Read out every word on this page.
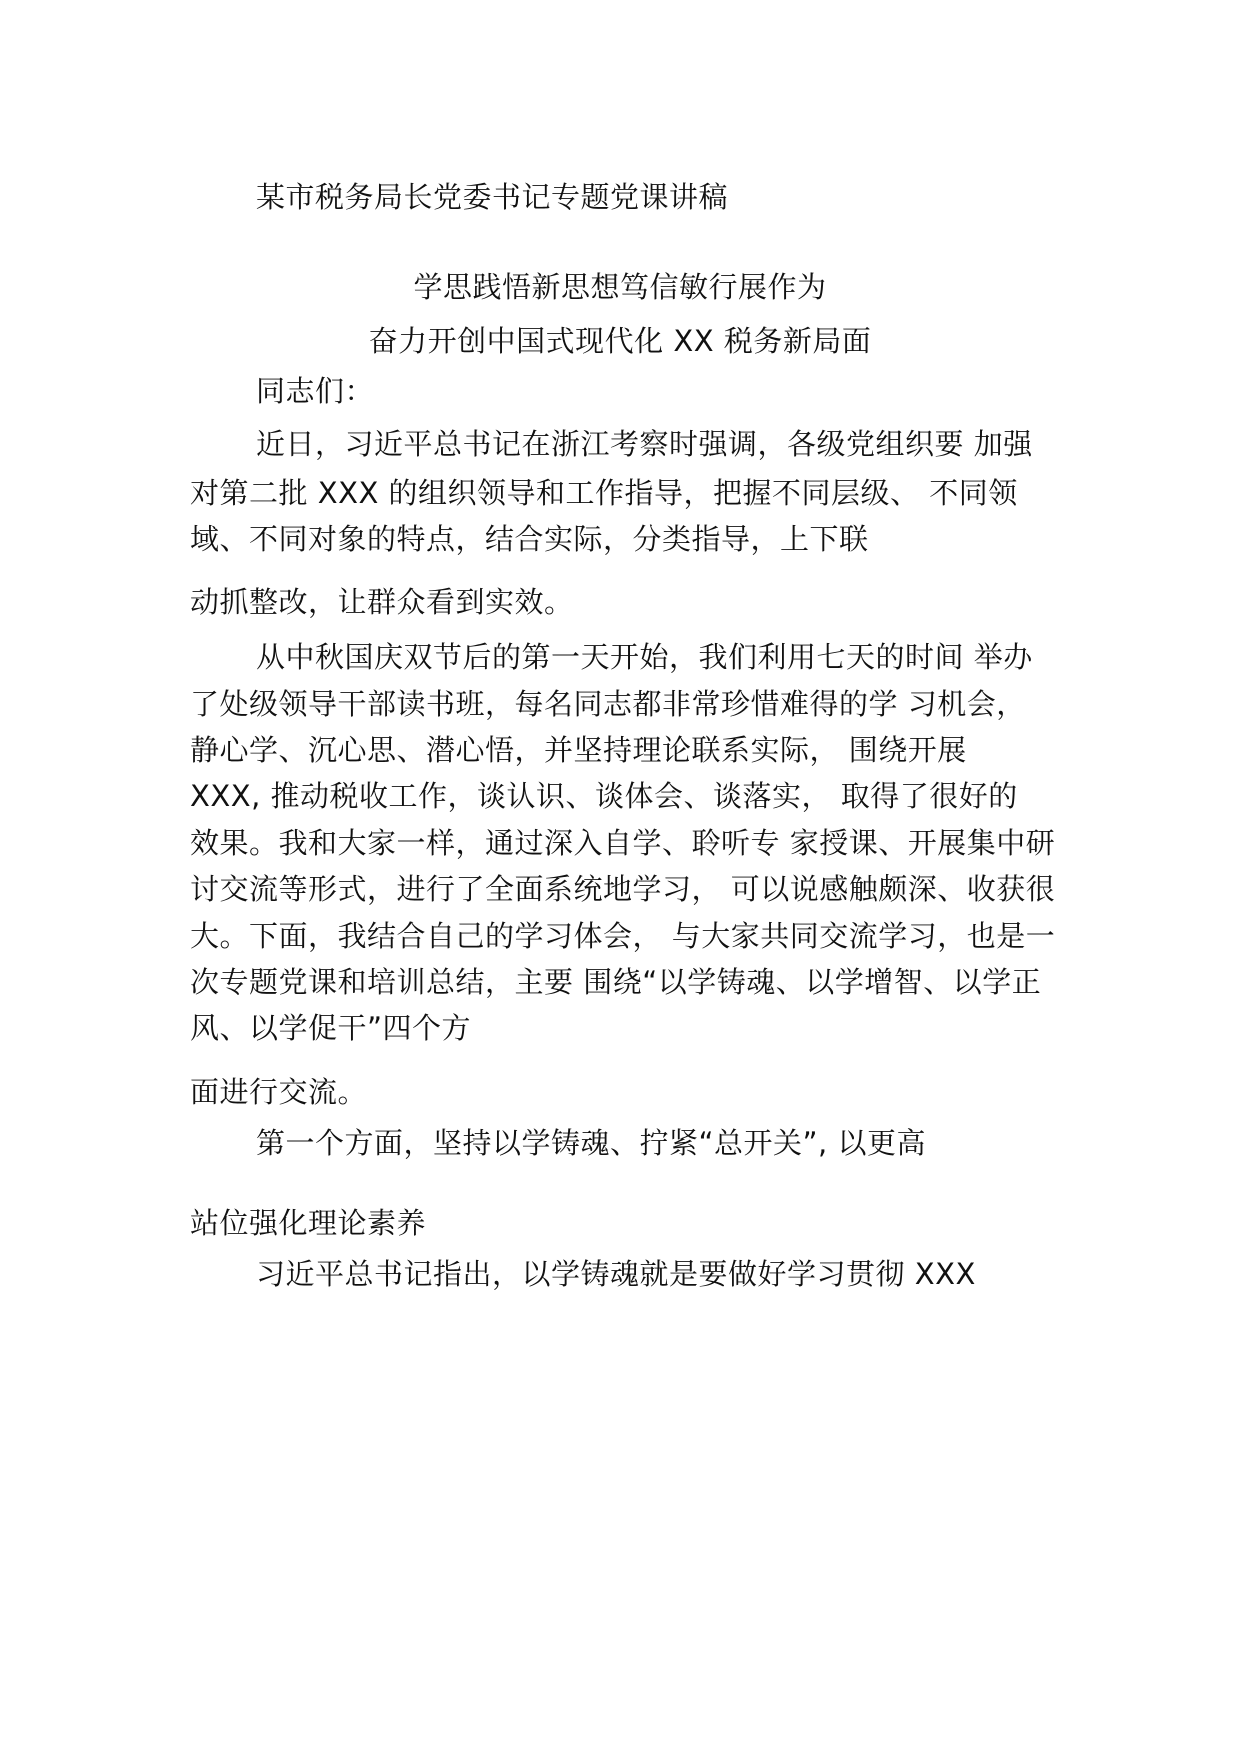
某市税务局长党委书记专题党课讲稿
学思践悟新思想笃信敏行展作为
奋力开创中国式现代化 XX 税务新局面
同志们：
近日，习近平总书记在浙江考察时强调，各级党组织要 加强
对第二批 XXX 的组织领导和工作指导，把握不同层级、 不同领
域、不同对象的特点，结合实际，分类指导，上下联
动抓整改，让群众看到实效。
从中秋国庆双节后的第一天开始，我们利用七天的时间 举办
了处级领导干部读书班，每名同志都非常珍惜难得的学 习机会，
静心学、沉心思、潜心悟，并坚持理论联系实际， 围绕开展
XXX, 推动税收工作，谈认识、谈体会、谈落实， 取得了很好的
效果。我和大家一样，通过深入自学、聆听专 家授课、开展集中研
讨交流等形式，进行了全面系统地学习， 可以说感触颇深、收获很
大。下面，我结合自己的学习体会， 与大家共同交流学习，也是一
次专题党课和培训总结，主要 围绕“以学铸魂、以学增智、以学正
风、以学促干”四个方
面进行交流。
第一个方面，坚持以学铸魂、拧紧“总开关”, 以更高
站位强化理论素养
习近平总书记指出，以学铸魂就是要做好学习贯彻 XXX
